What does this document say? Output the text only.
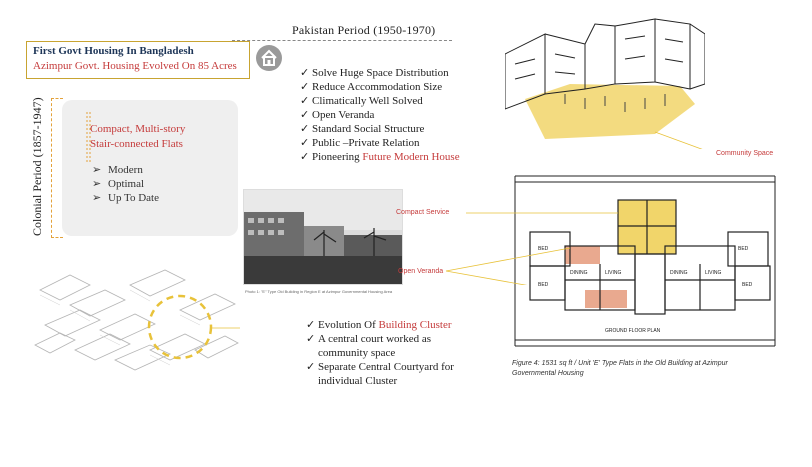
Pakistan Period (1950-1970)
First Govt Housing In Bangladesh
Azimpur Govt. Housing Evolved On 85 Acres
✓ Solve Huge Space Distribution
✓ Reduce Accommodation Size
✓ Climatically Well Solved
✓ Open Veranda
✓ Standard Social Structure
✓ Public –Private Relation
✓ Pioneering Future Modern House
Colonial Period (1857-1947)	Compact, Multi-story
Stair-connected Flats
➢ Modern
➢ Optimal
➢ Up To Date
Photo 1: "E" Type Old Building in Region E at Azimpur Governmental Housing Area
✓ Evolution Of Building Cluster
✓ A central court worked as
community space
✓ Separate Central Courtyard for
individual Cluster
Community Space
BED	BED
LIVING	LIVING
DINING	DINING
BED	BED
GROUND FLOOR PLAN
Compact Service
Open Veranda
Figure 4: 1531 sq ft / Unit 'E' Type Flats in the Old Building at Azimpur
Governmental Housing
